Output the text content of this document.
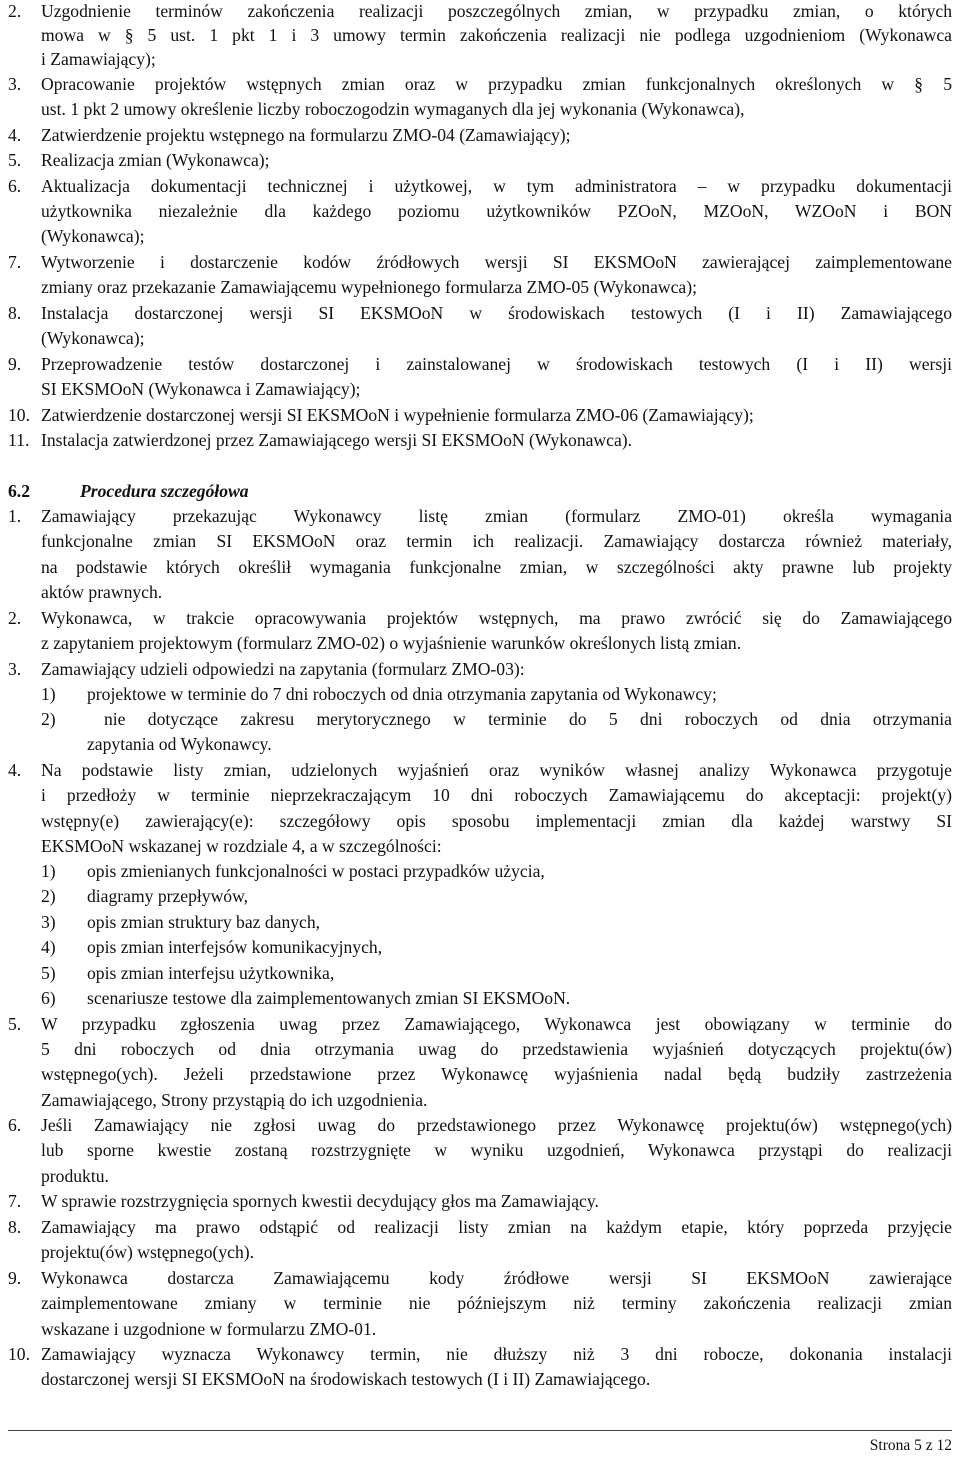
2. Uzgodnienie terminów zakończenia realizacji poszczególnych zmian, w przypadku zmian, o których
mowa w § 5 ust. 1 pkt 1 i 3 umowy termin zakończenia realizacji nie podlega uzgodnieniom (Wykonawca
i Zamawiający);
3. Opracowanie projektów wstępnych zmian oraz w przypadku zmian funkcjonalnych określonych w § 5
ust. 1 pkt 2 umowy określenie liczby roboczogodzin wymaganych dla jej wykonania (Wykonawca),
4. Zatwierdzenie projektu wstępnego na formularzu ZMO-04 (Zamawiający);
5. Realizacja zmian (Wykonawca);
6. Aktualizacja dokumentacji technicznej i użytkowej, w tym administratora – w przypadku dokumentacji
użytkownika niezależnie dla każdego poziomu użytkowników PZOoN, MZOoN, WZOoN i BON
(Wykonawca);
7. Wytworzenie i dostarczenie kodów źródłowych wersji SI EKSMOoN zawierającej zaimplementowane
zmiany oraz przekazanie Zamawiającemu wypełnionego formularza ZMO-05 (Wykonawca);
8. Instalacja dostarczonej wersji SI EKSMOoN w środowiskach testowych (I i II) Zamawiającego
(Wykonawca);
9. Przeprowadzenie testów dostarczonej i zainstalowanej w środowiskach testowych (I i II) wersji
SI EKSMOoN (Wykonawca i Zamawiający);
10. Zatwierdzenie dostarczonej wersji SI EKSMOoN i wypełnienie formularza ZMO-06 (Zamawiający);
11. Instalacja zatwierdzonej przez Zamawiającego wersji SI EKSMOoN (Wykonawca).
6.2	Procedura szczegółowa
1. Zamawiający przekazując Wykonawcy listę zmian (formularz ZMO-01) określa wymagania
funkcjonalne zmian SI EKSMOoN oraz termin ich realizacji. Zamawiający dostarcza również materiały,
na podstawie których określił wymagania funkcjonalne zmian, w szczególności akty prawne lub projekty
aktów prawnych.
2. Wykonawca, w trakcie opracowywania projektów wstępnych, ma prawo zwrócić się do Zamawiającego
z zapytaniem projektowym (formularz ZMO-02) o wyjaśnienie warunków określonych listą zmian.
3. Zamawiający udzieli odpowiedzi na zapytania (formularz ZMO-03):
1) projektowe w terminie do 7 dni roboczych od dnia otrzymania zapytania od Wykonawcy;
2)	nie dotyczące zakresu merytorycznego w terminie do 5 dni roboczych od dnia otrzymania
zapytania od Wykonawcy.
4. Na podstawie listy zmian, udzielonych wyjaśnień oraz wyników własnej analizy Wykonawca przygotuje
i przedłoży w terminie nieprzekraczającym 10 dni roboczych Zamawiającemu do akceptacji: projekt(y)
wstępny(e) zawierający(e): szczegółowy opis sposobu implementacji zmian dla każdej warstwy SI
EKSMOoN wskazanej w rozdziale 4, a w szczególności:
1) opis zmienianych funkcjonalności w postaci przypadków użycia,
2) diagramy przepływów,
3) opis zmian struktury baz danych,
4) opis zmian interfejsów komunikacyjnych,
5) opis zmian interfejsu użytkownika,
6) scenariusze testowe dla zaimplementowanych zmian SI EKSMOoN.
5. W przypadku zgłoszenia uwag przez Zamawiającego, Wykonawca jest obowiązany w terminie do
5 dni roboczych od dnia otrzymania uwag do przedstawienia wyjaśnień dotyczących projektu(ów)
wstępnego(ych). Jeżeli przedstawione przez Wykonawcę wyjaśnienia nadal będą budziły zastrzeżenia
Zamawiającego, Strony przystąpią do ich uzgodnienia.
6. Jeśli Zamawiający nie zgłosi uwag do przedstawionego przez Wykonawcę projektu(ów) wstępnego(ych)
lub sporne kwestie zostaną rozstrzygnięte w wyniku uzgodnień, Wykonawca przystąpi do realizacji
produktu.
7. W sprawie rozstrzygnięcia spornych kwestii decydujący głos ma Zamawiający.
8. Zamawiający ma prawo odstąpić od realizacji listy zmian na każdym etapie, który poprzeda przyjęcie
projektu(ów) wstępnego(ych).
9. Wykonawca dostarcza Zamawiającemu kody źródłowe wersji SI EKSMOoN zawierające
zaimplementowane zmiany w terminie nie późniejszym niż terminy zakończenia realizacji zmian
wskazane i uzgodnione w formularzu ZMO-01.
10. Zamawiający wyznacza Wykonawcy termin, nie dłuższy niż 3 dni robocze, dokonania instalacji
dostarczonej wersji SI EKSMOoN na środowiskach testowych (I i II) Zamawiającego.
Strona 5 z 12
